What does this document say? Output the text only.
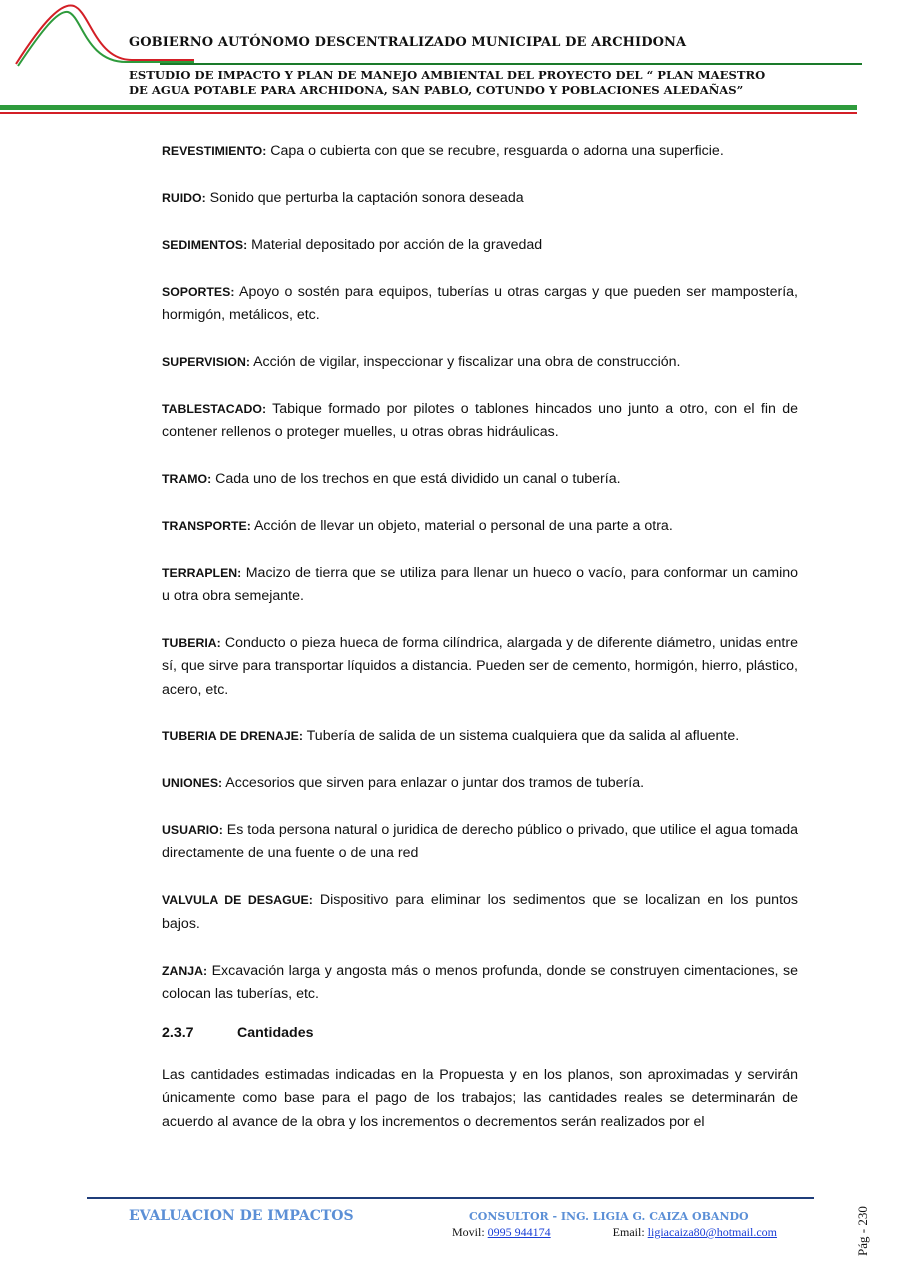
GOBIERNO AUTÓNOMO DESCENTRALIZADO MUNICIPAL DE ARCHIDONA
ESTUDIO DE IMPACTO Y PLAN DE MANEJO AMBIENTAL DEL PROYECTO DEL “ PLAN MAESTRO
DE AGUA POTABLE PARA ARCHIDONA, SAN PABLO, COTUNDO Y POBLACIONES ALEDAÑAS”

REVESTIMIENTO: Capa o cubierta con que se recubre, resguarda o adorna una superficie.

RUIDO: Sonido que perturba la captación sonora deseada

SEDIMENTOS: Material depositado por acción de la gravedad

SOPORTES: Apoyo o sostén para equipos, tuberías u otras cargas y que pueden ser mampostería, hormigón, metálicos, etc.

SUPERVISION: Acción de vigilar, inspeccionar y fiscalizar una obra de construcción.

TABLESTACADO: Tabique formado por pilotes o tablones hincados uno junto a otro, con el fin de contener rellenos o proteger muelles, u otras obras hidráulicas.

TRAMO: Cada uno de los trechos en que está dividido un canal o tubería.

TRANSPORTE: Acción de llevar un objeto, material o personal de una parte a otra.

TERRAPLEN: Macizo de tierra que se utiliza para llenar un hueco o vacío, para conformar un camino u otra obra semejante.

TUBERIA: Conducto o pieza hueca de forma cilíndrica, alargada y de diferente diámetro, unidas entre sí, que sirve para transportar líquidos a distancia. Pueden ser de cemento, hormigón, hierro, plástico, acero, etc.

TUBERIA DE DRENAJE: Tubería de salida de un sistema cualquiera que da salida al afluente.

UNIONES: Accesorios que sirven para enlazar o juntar dos tramos de tubería.

USUARIO: Es toda persona natural o juridica de derecho público o privado, que utilice el agua tomada directamente de una fuente o de una red

VALVULA DE DESAGUE: Dispositivo para eliminar los sedimentos que se localizan en los puntos bajos.

ZANJA: Excavación larga y angosta más o menos profunda, donde se construyen cimentaciones, se colocan las tuberías, etc.

2.3.7	Cantidades

Las cantidades estimadas indicadas en la Propuesta y en los planos, son aproximadas y servirán únicamente como base para el pago de los trabajos; las cantidades reales se determinarán de acuerdo al avance de la obra y los incrementos o decrementos serán realizados por el

EVALUACION DE IMPACTOS	CONSULTOR - ING. LIGIA G. CAIZA OBANDO
Movil: 0995 944174	Email: ligiacaiza80@hotmail.com	Pág - 230
